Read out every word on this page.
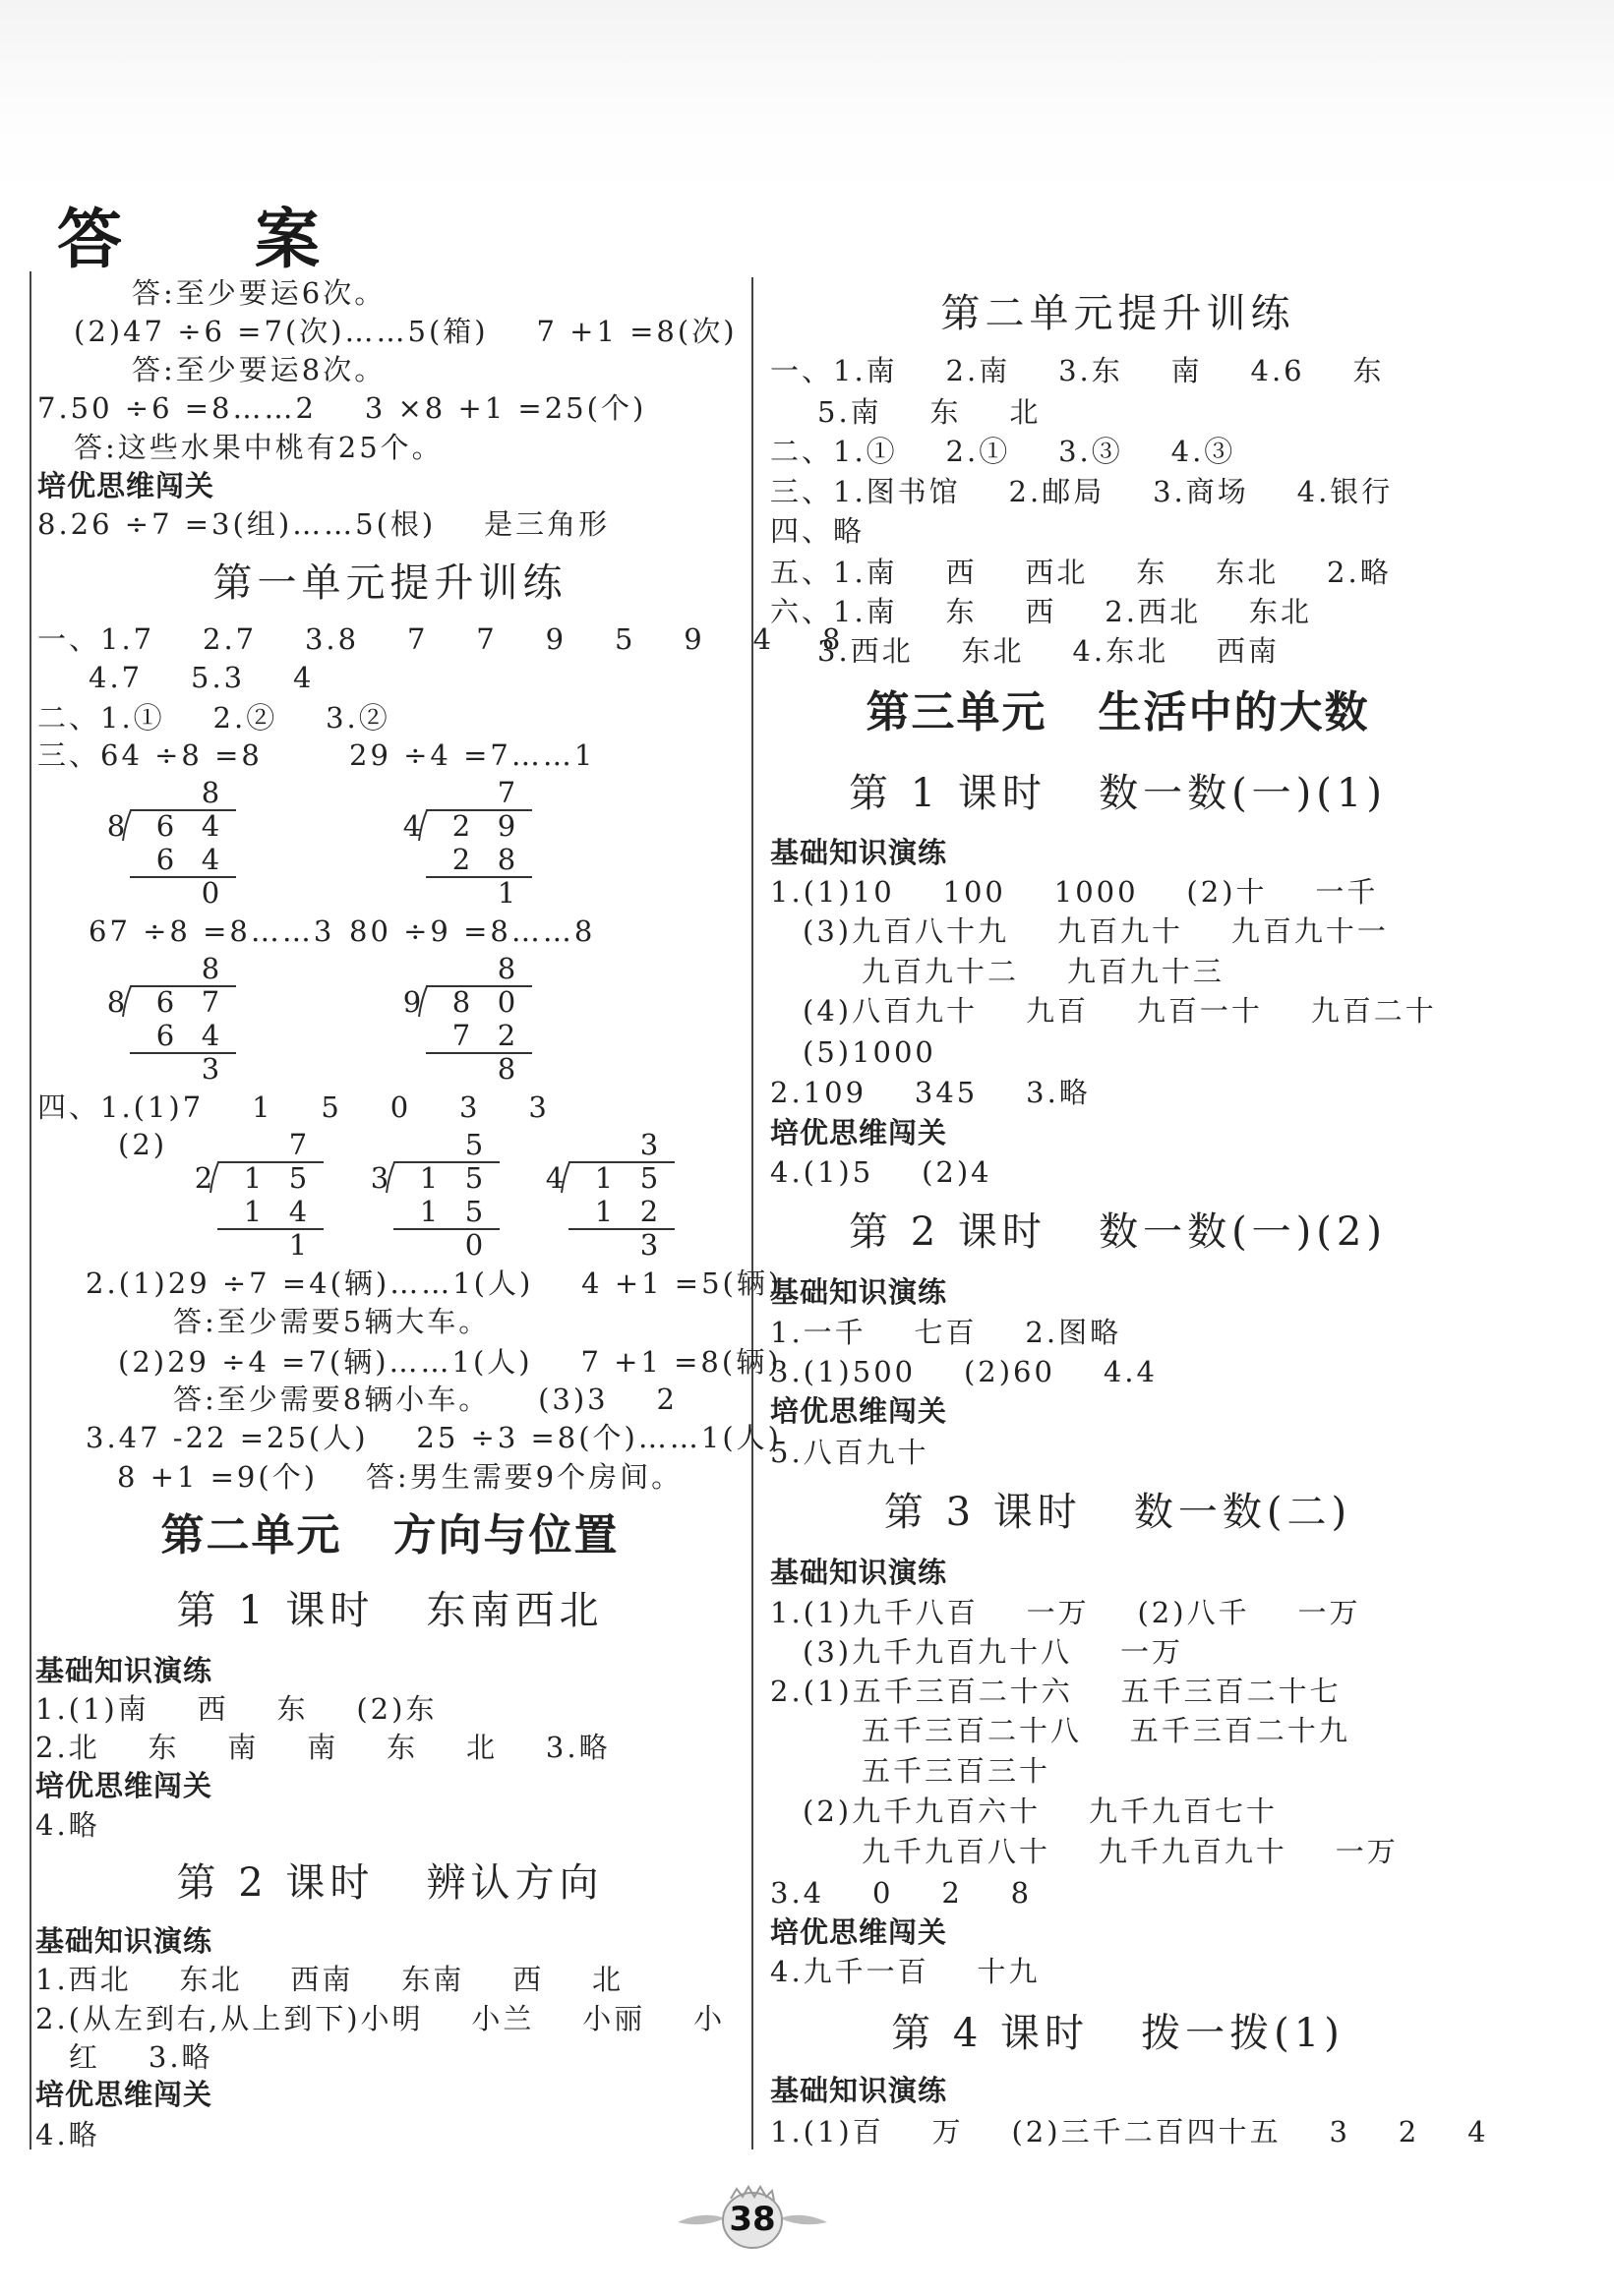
答 案
答:至少要运6次。
(2)47 ÷6 =7(次)……5(箱)    7 +1 =8(次)
答:至少要运8次。
7.50 ÷6 =8……2    3 ×8 +1 =25(个)
答:这些水果中桃有25个。
培优思维闯关
8.26 ÷7 =3(组)……5(根)    是三角形
第一单元提升训练
一、1.7    2.7    3.8    7    7    9    5    9    4    8
4.7    5.3    4
二、1.①    2.②    3.②
三、64 ÷8 =8	29 ÷4 =7……1
8
8 6 4
6 4
0
7
4 2 9
2 8
1
67 ÷8 =8……3 80 ÷9 =8……8
8
8 6 7
6 4
3
8
9 8 0
7 2
8
四、1.(1)7    1    5    0    3    3
(2)	7
2 1 5
1 4
1
5
3 1 5
1 5
0
3
4 1 5
1 2
3
2.(1)29 ÷7 =4(辆)……1(人)    4 +1 =5(辆)
答:至少需要5辆大车。
(2)29 ÷4 =7(辆)……1(人)    7 +1 =8(辆)
答:至少需要8辆小车。    (3)3    2
3.47 -22 =25(人)    25 ÷3 =8(个)……1(人)
8 +1 =9(个)    答:男生需要9个房间。
第二单元   方向与位置
第 1 课时   东南西北
基础知识演练
1.(1)南    西    东    (2)东
2.北    东    南    南    东    北    3.略
培优思维闯关
4.略
第 2 课时   辨认方向
基础知识演练
1.西北    东北    西南    东南    西    北
2.(从左到右,从上到下)小明    小兰    小丽    小
红    3.略
培优思维闯关
4.略
第二单元提升训练
一、1.南    2.南    3.东    南    4.6    东
5.南    东    北
二、1.①    2.①    3.③    4.③
三、1.图书馆    2.邮局    3.商场    4.银行
四、略
五、1.南    西    西北    东    东北    2.略
六、1.南    东    西    2.西北    东北
3.西北    东北    4.东北    西南
第三单元   生活中的大数
第 1 课时   数一数(一)(1)
基础知识演练
1.(1)10    100    1000    (2)十    一千
(3)九百八十九    九百九十    九百九十一
九百九十二    九百九十三
(4)八百九十    九百    九百一十    九百二十
(5)1000
2.109    345    3.略
培优思维闯关
4.(1)5    (2)4
第 2 课时   数一数(一)(2)
基础知识演练
1.一千    七百    2.图略
3.(1)500    (2)60    4.4
培优思维闯关
5.八百九十
第 3 课时   数一数(二)
基础知识演练
1.(1)九千八百    一万    (2)八千    一万
(3)九千九百九十八    一万
2.(1)五千三百二十六    五千三百二十七
五千三百二十八    五千三百二十九
五千三百三十
(2)九千九百六十    九千九百七十
九千九百八十    九千九百九十    一万
3.4    0    2    8
培优思维闯关
4.九千一百    十九
第 4 课时   拨一拨(1)
基础知识演练
1.(1)百    万    (2)三千二百四十五    3    2    4
38
